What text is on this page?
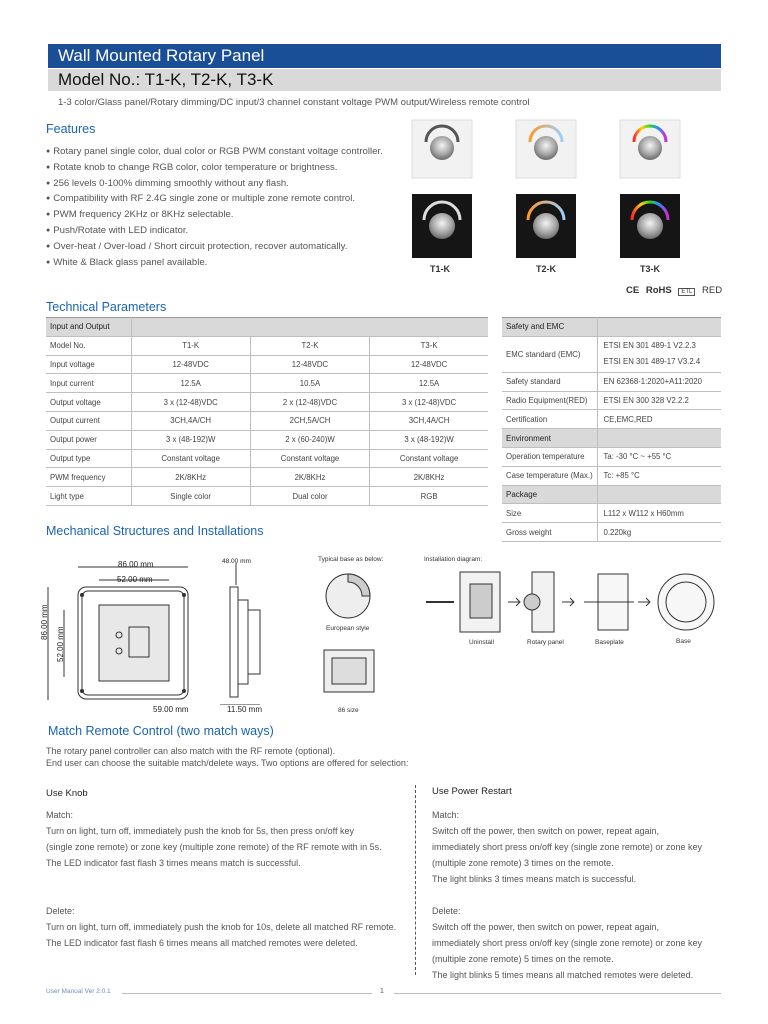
Wall Mounted Rotary Panel
Model No.: T1-K, T2-K, T3-K
1-3 color/Glass panel/Rotary dimming/DC input/3 channel constant voltage PWM output/Wireless remote control
Features
● Rotary panel single color, dual color or RGB PWM constant voltage controller.
● Rotate knob to change RGB color, color temperature or brightness.
● 256 levels 0-100% dimming smoothly without any flash.
● Compatibility with RF 2.4G single zone or multiple zone remote control.
● PWM frequency 2KHz or 8KHz selectable.
● Push/Rotate with LED indicator.
● Over-heat / Over-load / Short circuit protection, recover automatically.
● White & Black glass panel available.
T1-K	T2-K	T3-K
CE RoHS ETL RED
Technical Parameters
Input and Output			
Model No.	T1-K	T2-K	T3-K
Input voltage	12-48VDC	12-48VDC	12-48VDC
Input current	12.5A	10.5A	12.5A
Output voltage	3 x (12-48)VDC	2 x (12-48)VDC	3 x (12-48)VDC
Output current	3CH,4A/CH	2CH,5A/CH	3CH,4A/CH
Output power	3 x (48-192)W	2 x (60-240)W	3 x (48-192)W
Output type	Constant voltage	Constant voltage	Constant voltage
PWM frequency	2K/8KHz	2K/8KHz	2K/8KHz
Light type	Single color	Dual color	RGB
Safety and EMC	
EMC standard (EMC)	ETSI EN 301 489-1 V2.2.3
ETSI EN 301 489-17 V3.2.4

Safety standard	EN 62368-1:2020+A11:2020
Radio Equipment(RED)	ETSI EN 300 328 V2.2.2
Certification	CE,EMC,RED
Environment	
Operation temperature	Ta: -30 °C ~ +55 °C
Case temperature (Max.)	Tc: +85 °C
Package	
Size	L112 x W112 x H60mm
Gross weight	0.220kg
Mechanical Structures and Installations
86.00 mm
52.00 mm
86.00 mm
52.00 mm
48.00 mm
59.00 mm	11.50 mm
Typical base as below:
European style
86 size
Installation diagram:
Uninstall	Rotary panel	Baseplate	Base
Match Remote Control (two match ways)
The rotary panel controller can also match with the RF remote (optional).
End user can choose the suitable match/delete ways. Two options are offered for selection:
Use Knob
Match:
Turn on light, turn off, immediately push the knob for 5s, then press on/off key
(single zone remote) or zone key (multiple zone remote) of the RF remote with in 5s.
The LED indicator fast flash 3 times means match is successful.
Delete:
Turn on light, turn off, immediately push the knob for 10s, delete all matched RF remote.
The LED indicator fast flash 6 times means all matched remotes were deleted.
Use Power Restart
Match:
Switch off the power, then switch on power, repeat again,
immediately short press on/off key (single zone remote) or zone key
(multiple zone remote) 3 times on the remote.
The light blinks 3 times means match is successful.
Delete:
Switch off the power, then switch on power, repeat again,
immediately short press on/off key (single zone remote) or zone key
(multiple zone remote) 5 times on the remote.
The light blinks 5 times means all matched remotes were deleted.
User Manual Ver 2.0.1	1
